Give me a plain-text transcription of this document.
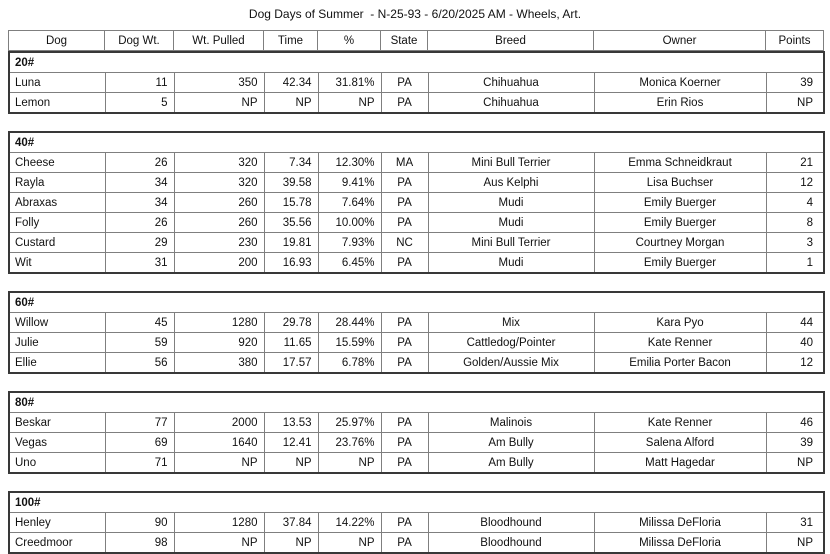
Dog Days of Summer  - N-25-93 - 6/20/2025 AM - Wheels, Art.
Dog	Dog Wt.	Wt. Pulled	Time	%	State	Breed	Owner	Points
20#								
Luna	11	350	42.34	31.81%	PA	Chihuahua	Monica Koerner	39
Lemon	5	NP	NP	NP	PA	Chihuahua	Erin Rios	NP
40#								
Cheese	26	320	7.34	12.30%	MA	Mini Bull Terrier	Emma Schneidkraut	21
Rayla	34	320	39.58	9.41%	PA	Aus Kelphi	Lisa Buchser	12
Abraxas	34	260	15.78	7.64%	PA	Mudi	Emily Buerger	4
Folly	26	260	35.56	10.00%	PA	Mudi	Emily Buerger	8
Custard	29	230	19.81	7.93%	NC	Mini Bull Terrier	Courtney Morgan	3
Wit	31	200	16.93	6.45%	PA	Mudi	Emily Buerger	1
60#								
Willow	45	1280	29.78	28.44%	PA	Mix	Kara Pyo	44
Julie	59	920	11.65	15.59%	PA	Cattledog/Pointer	Kate Renner	40
Ellie	56	380	17.57	6.78%	PA	Golden/Aussie Mix	Emilia Porter Bacon	12
80#								
Beskar	77	2000	13.53	25.97%	PA	Malinois	Kate Renner	46
Vegas	69	1640	12.41	23.76%	PA	Am Bully	Salena Alford	39
Uno	71	NP	NP	NP	PA	Am Bully	Matt Hagedar	NP
100#								
Henley	90	1280	37.84	14.22%	PA	Bloodhound	Milissa DeFloria	31
Creedmoor	98	NP	NP	NP	PA	Bloodhound	Milissa DeFloria	NP
